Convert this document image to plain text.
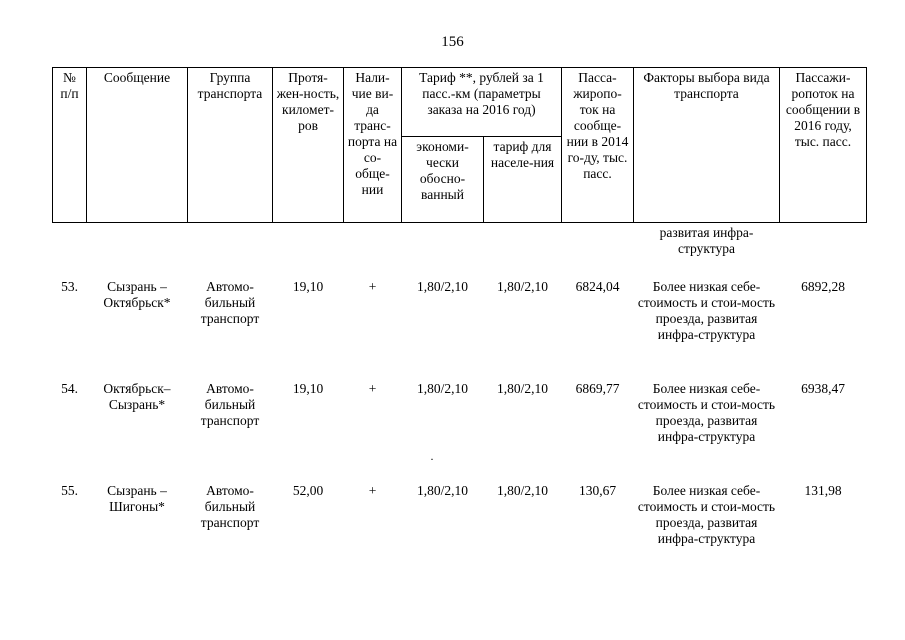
156
№ п/п	Сообщение	Группа транспорта	Протя-жен-ность, километ-ров	Нали-чие ви-да транс-порта на со-обще-нии	Тариф **, рублей за 1 пасс.-км (параметры заказа на 2016 год)		Пасса-жиропо-ток на сообще-нии в 2014 го-ду, тыс. пасс.	Факторы выбора вида транспорта	Пассажи-ропоток на сообщении в 2016 году, тыс. пасс.
					экономи-чески обосно-ванный	тариф для населе-ния			
								развитая инфра-структура	
53.	Сызрань – Октябрьск*	Автомо-бильный транспорт	19,10	+	1,80/2,10	1,80/2,10	6824,04	Более низкая себе-стоимость и стои-мость проезда, развитая инфра-структура	6892,28
54.	Октябрьск– Сызрань*	Автомо-бильный транспорт	19,10	+	1,80/2,10	1,80/2,10	6869,77	Более низкая себе-стоимость и стои-мость проезда, развитая инфра-структура	6938,47
55.	Сызрань – Шигоны*	Автомо-бильный транспорт	52,00	+	1,80/2,10	1,80/2,10	130,67	Более низкая себе-стоимость и стои-мость проезда, развитая инфра-структура	131,98
·
